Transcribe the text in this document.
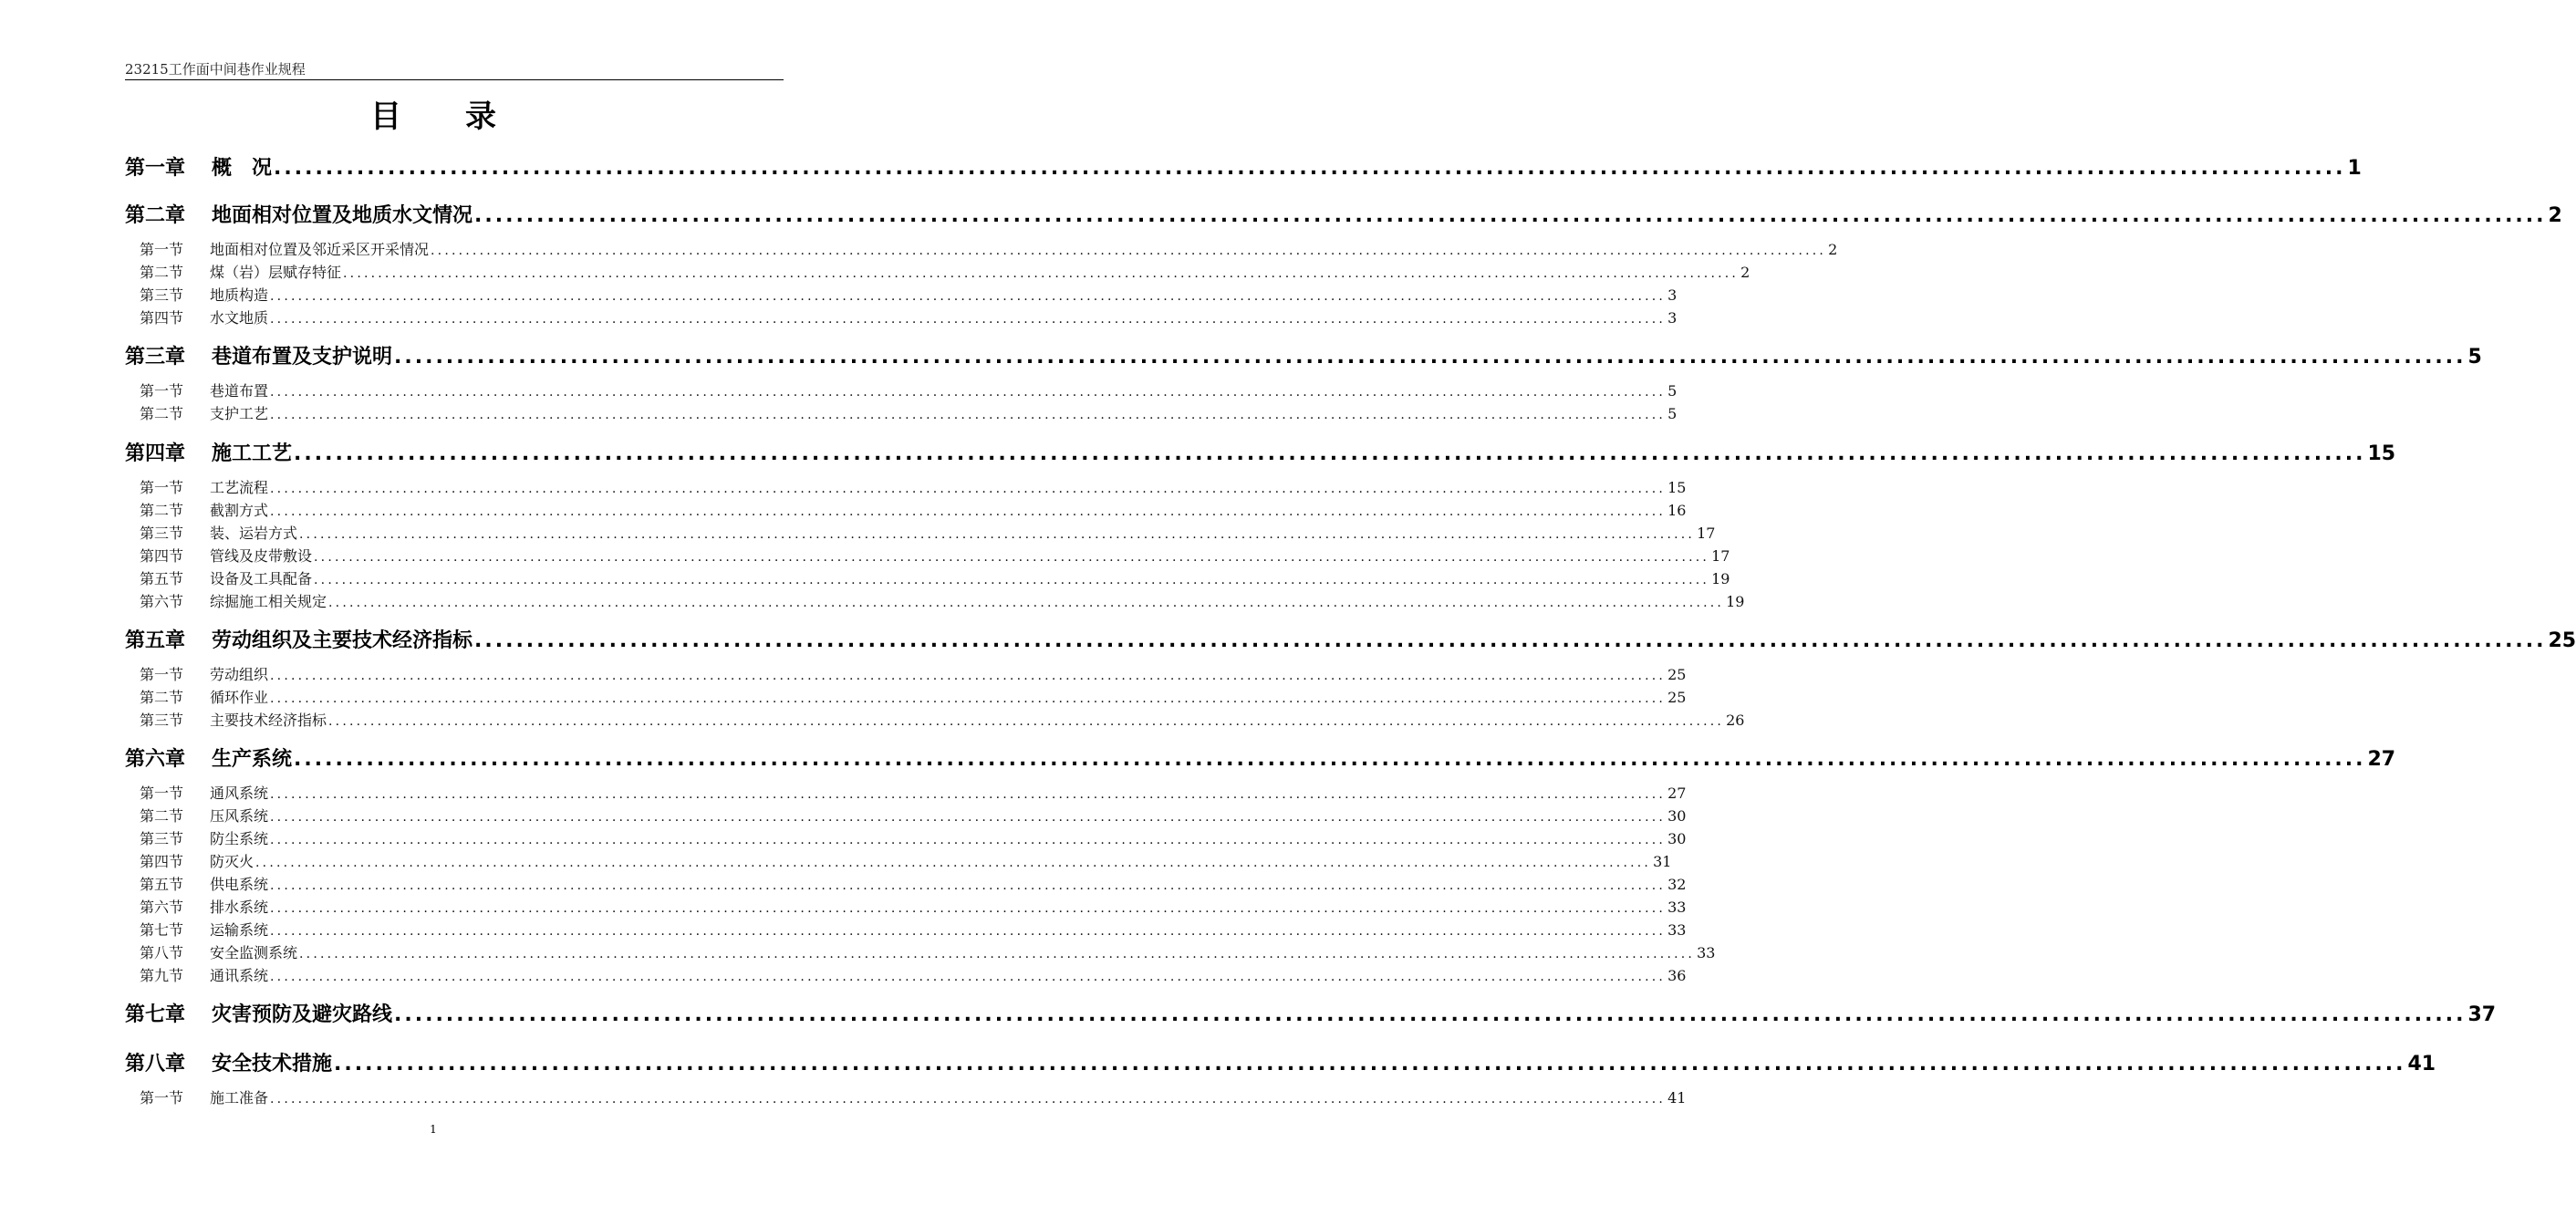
23215工作面中间巷作业规程
目 录
第一章	概　况 ........................................................................................................................................................................................................ 1
第二章	地面相对位置及地质水文情况 ........................................................................................................................................................................................................ 2
第一节	地面相对位置及邻近采区开采情况 ........................................................................................................................................................................................................ 2
第二节	煤（岩）层赋存特征 ........................................................................................................................................................................................................ 2
第三节	地质构造 ........................................................................................................................................................................................................ 3
第四节	水文地质 ........................................................................................................................................................................................................ 3
第三章	巷道布置及支护说明 ........................................................................................................................................................................................................ 5
第一节	巷道布置 ........................................................................................................................................................................................................ 5
第二节	支护工艺 ........................................................................................................................................................................................................ 5
第四章	施工工艺 ........................................................................................................................................................................................................ 15
第一节	工艺流程 ........................................................................................................................................................................................................ 15
第二节	截割方式 ........................................................................................................................................................................................................ 16
第三节	装、运岩方式 ........................................................................................................................................................................................................ 17
第四节	管线及皮带敷设 ........................................................................................................................................................................................................ 17
第五节	设备及工具配备 ........................................................................................................................................................................................................ 19
第六节	综掘施工相关规定 ........................................................................................................................................................................................................ 19
第五章	劳动组织及主要技术经济指标 ........................................................................................................................................................................................................ 25
第一节	劳动组织 ........................................................................................................................................................................................................ 25
第二节	循环作业 ........................................................................................................................................................................................................ 25
第三节	主要技术经济指标 ........................................................................................................................................................................................................ 26
第六章	生产系统 ........................................................................................................................................................................................................ 27
第一节	通风系统 ........................................................................................................................................................................................................ 27
第二节	压风系统 ........................................................................................................................................................................................................ 30
第三节	防尘系统 ........................................................................................................................................................................................................ 30
第四节	防灭火 ........................................................................................................................................................................................................ 31
第五节	供电系统 ........................................................................................................................................................................................................ 32
第六节	排水系统 ........................................................................................................................................................................................................ 33
第七节	运输系统 ........................................................................................................................................................................................................ 33
第八节	安全监测系统 ........................................................................................................................................................................................................ 33
第九节	通讯系统 ........................................................................................................................................................................................................ 36
第七章	灾害预防及避灾路线 ........................................................................................................................................................................................................ 37
第八章	安全技术措施 ........................................................................................................................................................................................................ 41
第一节	施工准备 ........................................................................................................................................................................................................ 41
1
